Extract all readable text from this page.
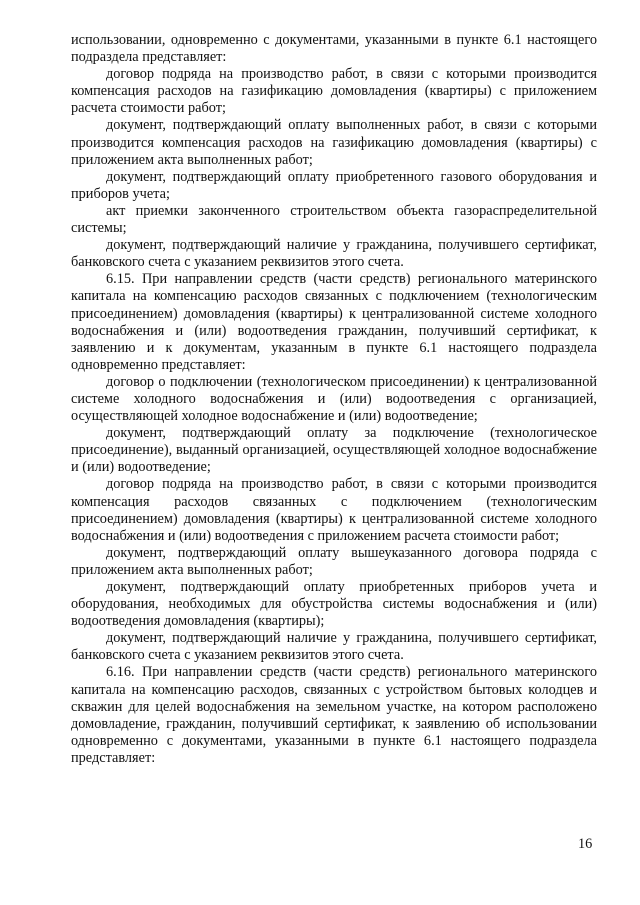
использовании, одновременно с документами, указанными в пункте 6.1 настоящего подраздела представляет:

договор подряда на производство работ, в связи с которыми производится компенсация расходов на газификацию домовладения (квартиры) с приложением расчета стоимости работ;

документ, подтверждающий оплату выполненных работ, в связи с которыми производится компенсация расходов на газификацию домовладения (квартиры) с приложением акта выполненных работ;

документ, подтверждающий оплату приобретенного газового оборудования и приборов учета;

акт приемки законченного строительством объекта газораспределительной системы;

документ, подтверждающий наличие у гражданина, получившего сертификат, банковского счета с указанием реквизитов этого счета.

6.15. При направлении средств (части средств) регионального материнского капитала на компенсацию расходов связанных с подключением (технологическим присоединением) домовладения (квартиры) к централизованной системе холодного водоснабжения и (или) водоотведения гражданин, получивший сертификат, к заявлению и к документам, указанным в пункте 6.1 настоящего подраздела одновременно представляет:

договор о подключении (технологическом присоединении) к централизованной системе холодного водоснабжения и (или) водоотведения с организацией, осуществляющей холодное водоснабжение и (или) водоотведение;

документ, подтверждающий оплату за подключение (технологическое присоединение), выданный организацией, осуществляющей холодное водоснабжение и (или) водоотведение;

договор подряда на производство работ, в связи с которыми производится компенсация расходов связанных с подключением (технологическим присоединением) домовладения (квартиры) к централизованной системе холодного водоснабжения и (или) водоотведения с приложением расчета стоимости работ;

документ, подтверждающий оплату вышеуказанного договора подряда с приложением акта выполненных работ;

документ, подтверждающий оплату приобретенных приборов учета и оборудования, необходимых для обустройства системы водоснабжения и (или) водоотведения домовладения (квартиры);

документ, подтверждающий наличие у гражданина, получившего сертификат, банковского счета с указанием реквизитов этого счета.

6.16. При направлении средств (части средств) регионального материнского капитала на компенсацию расходов, связанных с устройством бытовых колодцев и скважин для целей водоснабжения на земельном участке, на котором расположено домовладение, гражданин, получивший сертификат, к заявлению об использовании одновременно с документами, указанными в пункте 6.1 настоящего подраздела представляет:

16
